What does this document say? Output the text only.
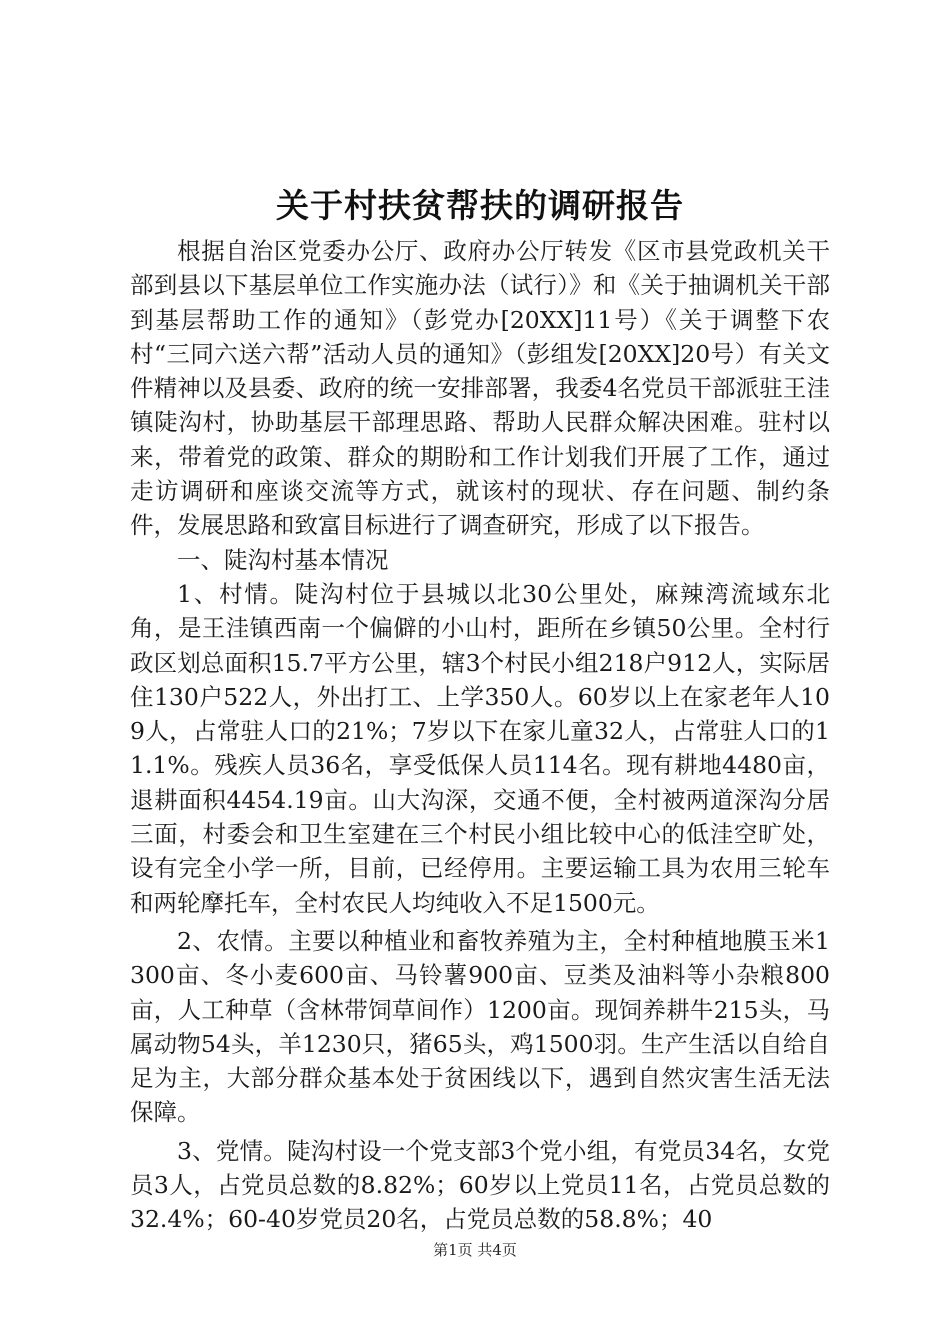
关于村扶贫帮扶的调研报告

根据自治区党委办公厅、政府办公厅转发《区市县党政机关干部到县以下基层单位工作实施办法（试行）》和《关于抽调机关干部到基层帮助工作的通知》（彭党办[20XX]11号）《关于调整下农村“三同六送六帮”活动人员的通知》（彭组发[20XX]20号）有关文件精神以及县委、政府的统一安排部署，我委4名党员干部派驻王洼镇陡沟村，协助基层干部理思路、帮助人民群众解决困难。驻村以来，带着党的政策、群众的期盼和工作计划我们开展了工作，通过走访调研和座谈交流等方式，就该村的现状、存在问题、制约条件，发展思路和致富目标进行了调查研究，形成了以下报告。

一、陡沟村基本情况

1、村情。陡沟村位于县城以北30公里处，麻辣湾流域东北角，是王洼镇西南一个偏僻的小山村，距所在乡镇50公里。全村行政区划总面积15.7平方公里，辖3个村民小组218户912人，实际居住130户522人，外出打工、上学350人。60岁以上在家老年人109人，占常驻人口的21%；7岁以下在家儿童32人，占常驻人口的11.1%。残疾人员36名，享受低保人员114名。现有耕地4480亩，退耕面积4454.19亩。山大沟深，交通不便，全村被两道深沟分居三面，村委会和卫生室建在三个村民小组比较中心的低洼空旷处，设有完全小学一所，目前，已经停用。主要运输工具为农用三轮车和两轮摩托车，全村农民人均纯收入不足1500元。

2、农情。主要以种植业和畜牧养殖为主，全村种植地膜玉米1300亩、冬小麦600亩、马铃薯900亩、豆类及油料等小杂粮800亩，人工种草（含林带饲草间作）1200亩。现饲养耕牛215头，马属动物54头，羊1230只，猪65头，鸡1500羽。生产生活以自给自足为主，大部分群众基本处于贫困线以下，遇到自然灾害生活无法保障。

3、党情。陡沟村设一个党支部3个党小组，有党员34名，女党员3人，占党员总数的8.82%；60岁以上党员11名，占党员总数的32.4%；60-40岁党员20名，占党员总数的58.8%；40

第1页 共4页
